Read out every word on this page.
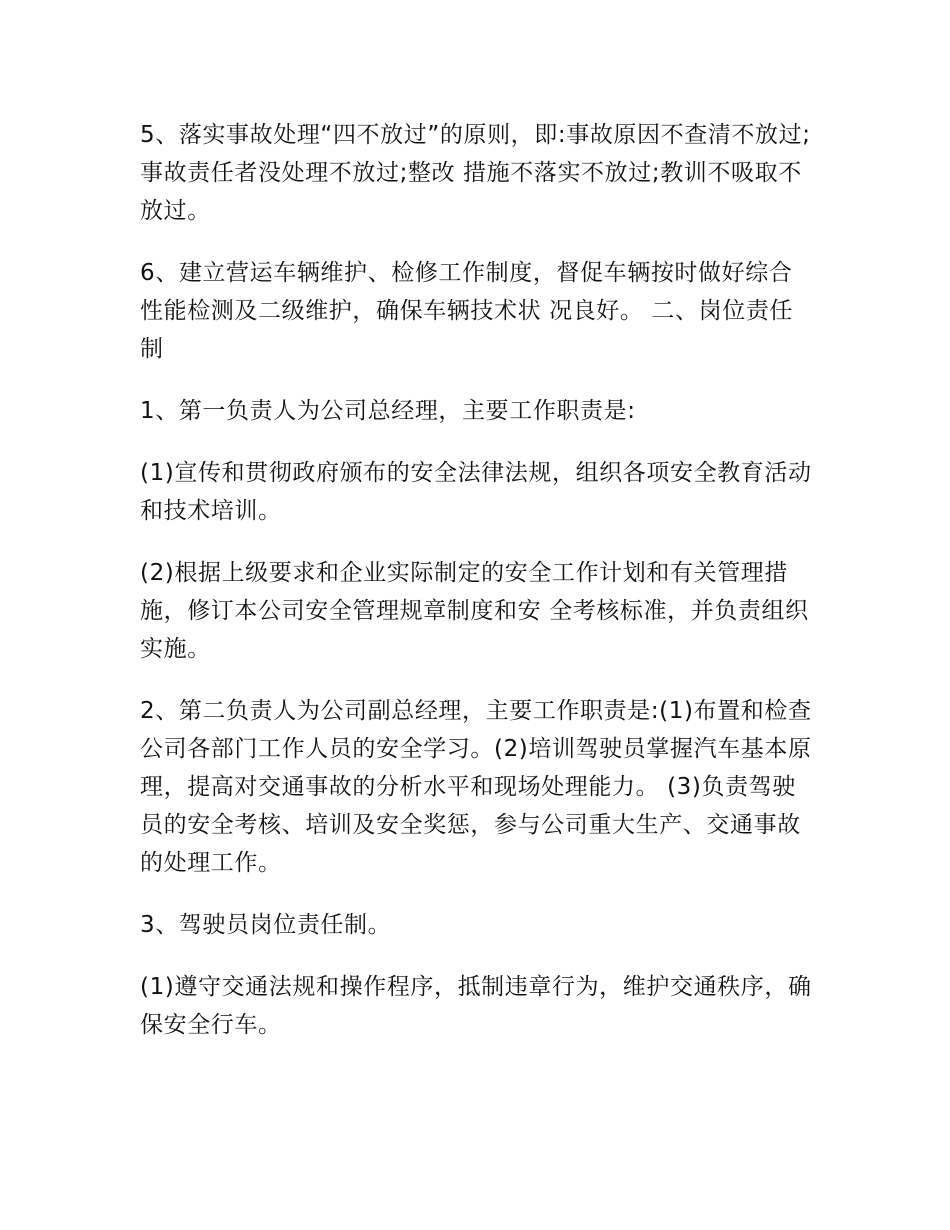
5、落实事故处理“四不放过”的原则，即:事故原因不查清不放过;事故责任者没处理不放过;整改 措施不落实不放过;教训不吸取不放过。

6、建立营运车辆维护、检修工作制度，督促车辆按时做好综合性能检测及二级维护，确保车辆技术状 况良好。 二、岗位责任制

1、第一负责人为公司总经理，主要工作职责是:

(1)宣传和贯彻政府颁布的安全法律法规，组织各项安全教育活动和技术培训。

(2)根据上级要求和企业实际制定的安全工作计划和有关管理措施，修订本公司安全管理规章制度和安 全考核标准，并负责组织实施。

2、第二负责人为公司副总经理，主要工作职责是:(1)布置和检查公司各部门工作人员的安全学习。(2)培训驾驶员掌握汽车基本原理，提高对交通事故的分析水平和现场处理能力。 (3)负责驾驶员的安全考核、培训及安全奖惩，参与公司重大生产、交通事故的处理工作。

3、驾驶员岗位责任制。

(1)遵守交通法规和操作程序，抵制违章行为，维护交通秩序，确保安全行车。
